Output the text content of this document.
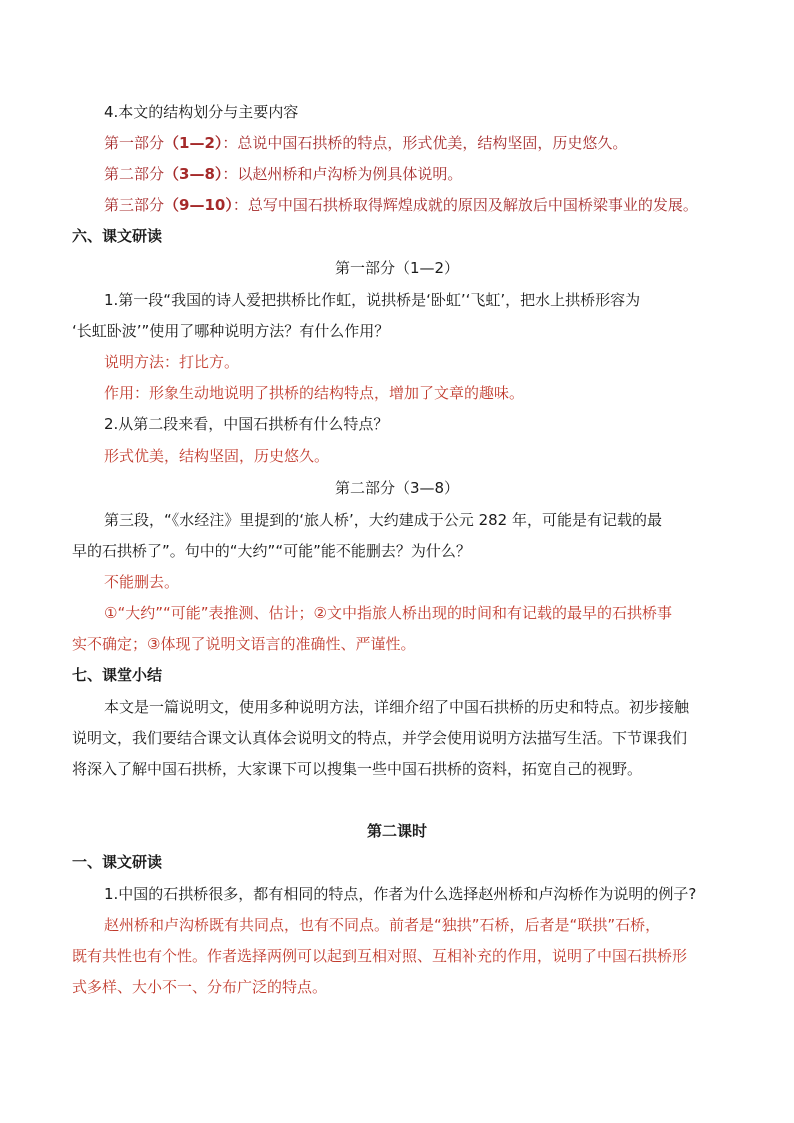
4.本文的结构划分与主要内容
第一部分（1—2）：总说中国石拱桥的特点，形式优美，结构坚固，历史悠久。
第二部分（3—8）：以赵州桥和卢沟桥为例具体说明。
第三部分（9—10）：总写中国石拱桥取得辉煌成就的原因及解放后中国桥梁事业的发展。
六、课文研读
第一部分（1—2）
1.第一段“我国的诗人爱把拱桥比作虹，说拱桥是‘卧虹’‘飞虹’，把水上拱桥形容为
‘长虹卧波’”使用了哪种说明方法？有什么作用？
说明方法：打比方。
作用：形象生动地说明了拱桥的结构特点，增加了文章的趣味。
2.从第二段来看，中国石拱桥有什么特点？
形式优美，结构坚固，历史悠久。
第二部分（3—8）
第三段，“《水经注》里提到的‘旅人桥’，大约建成于公元 282 年，可能是有记载的最
早的石拱桥了”。句中的“大约”“可能”能不能删去？为什么？
不能删去。
①“大约”“可能”表推测、估计；②文中指旅人桥出现的时间和有记载的最早的石拱桥事
实不确定；③体现了说明文语言的准确性、严谨性。
七、课堂小结
本文是一篇说明文，使用多种说明方法，详细介绍了中国石拱桥的历史和特点。初步接触
说明文，我们要结合课文认真体会说明文的特点，并学会使用说明方法描写生活。下节课我们
将深入了解中国石拱桥，大家课下可以搜集一些中国石拱桥的资料，拓宽自己的视野。
第二课时
一、课文研读
1.中国的石拱桥很多，都有相同的特点，作者为什么选择赵州桥和卢沟桥作为说明的例子?
赵州桥和卢沟桥既有共同点，也有不同点。前者是“独拱”石桥，后者是“联拱”石桥，
既有共性也有个性。作者选择两例可以起到互相对照、互相补充的作用，说明了中国石拱桥形
式多样、大小不一、分布广泛的特点。
